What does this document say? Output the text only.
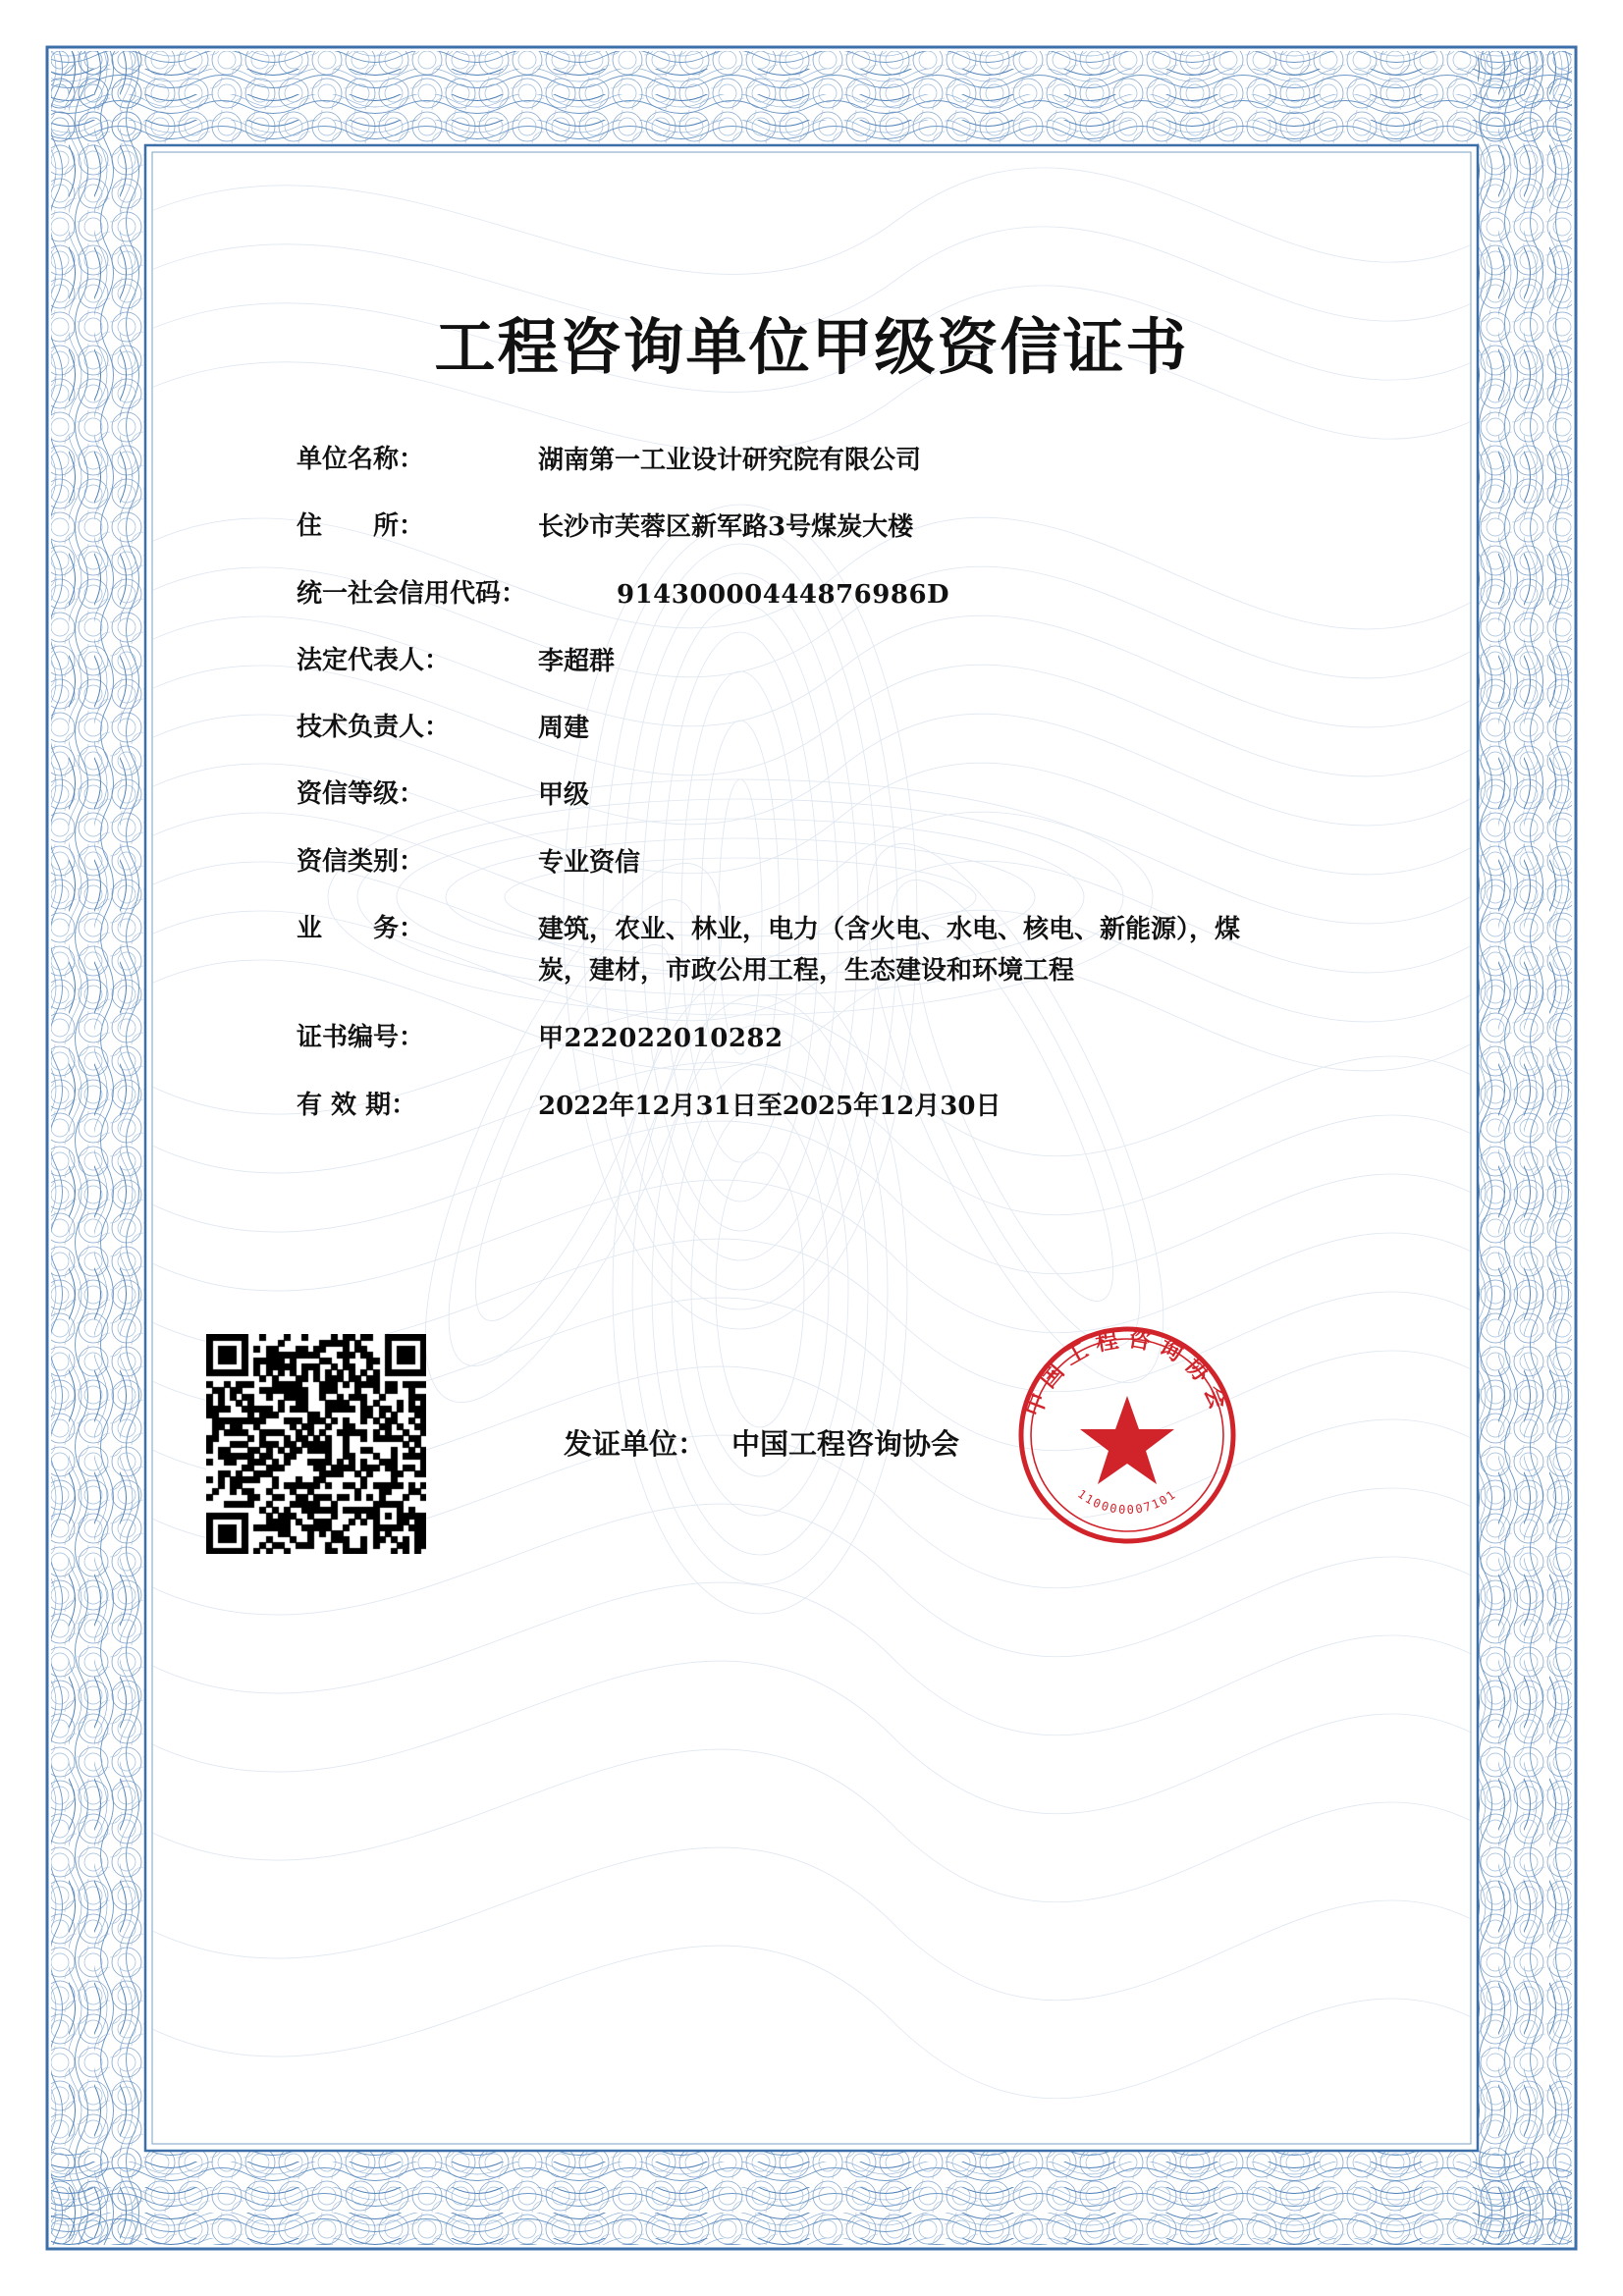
工程咨询单位甲级资信证书
单位名称：	湖南第一工业设计研究院有限公司
住　　所：	长沙市芙蓉区新军路3号煤炭大楼
统一社会信用代码：	91430000444876986D
法定代表人：	李超群
技术负责人：	周建
资信等级：	甲级
资信类别：	专业资信
业　　务：	建筑，农业、林业，电力（含火电、水电、核电、新能源），煤炭，建材，市政公用工程，生态建设和环境工程
证书编号：	甲222022010282
有 效 期：	2022年12月31日至2025年12月30日
发证单位： 中国工程咨询协会
中国工程咨询协会
110000007101
